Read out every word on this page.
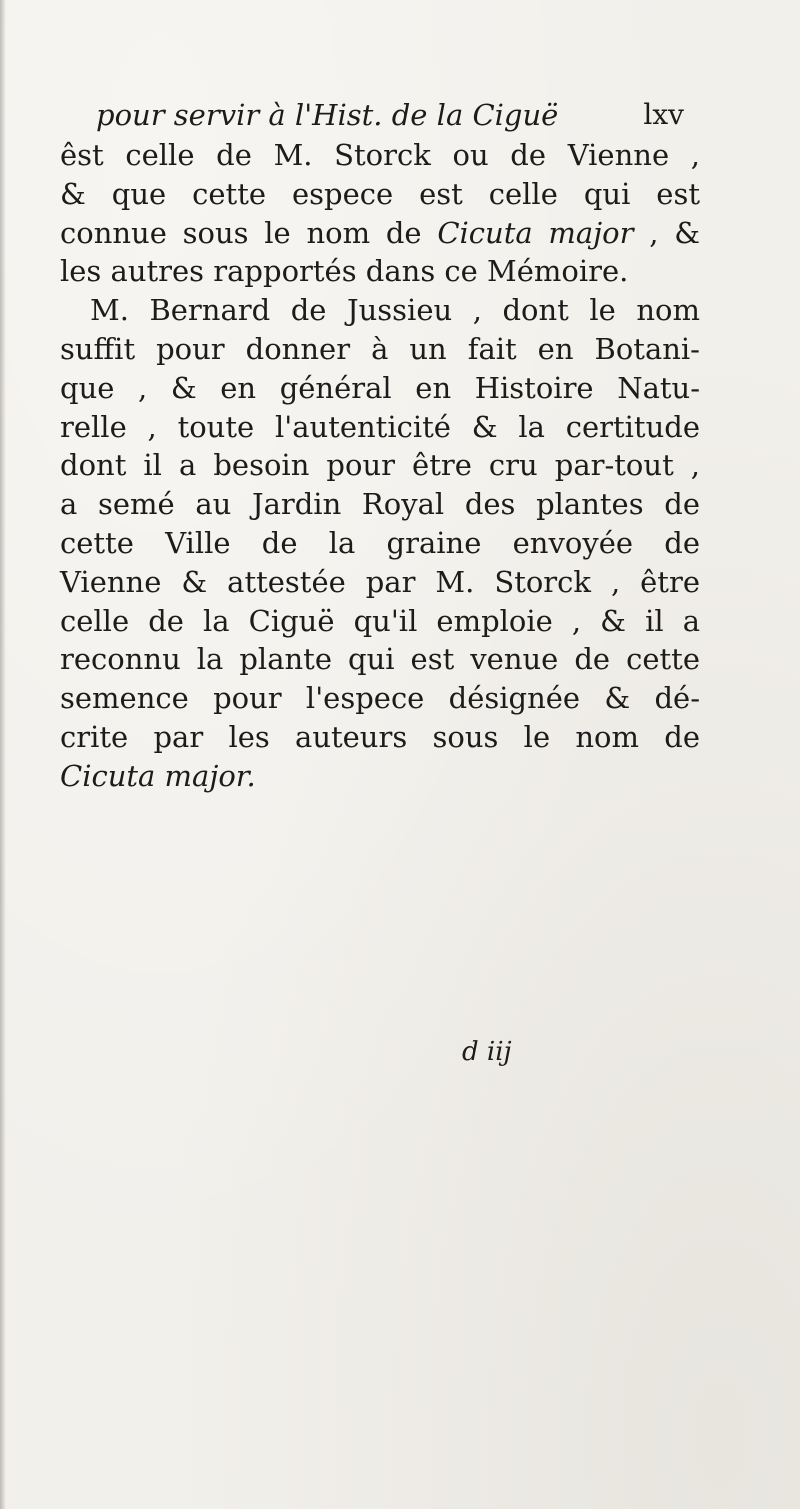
pour servir à l'Hist. de la Ciguë	lxv
êst celle de M. Storck ou de Vienne ,
& que cette espece est celle qui est
connue sous le nom de Cicuta major , &
les autres rapportés dans ce Mémoire.
M. Bernard de Jussieu , dont le nom
suffit pour donner à un fait en Botani-
que , & en général en Histoire Natu-
relle , toute l'autenticité & la certitude
dont il a besoin pour être cru par-tout ,
a semé au Jardin Royal des plantes de
cette Ville de la graine envoyée de
Vienne & attestée par M. Storck , être
celle de la Ciguë qu'il emploie , & il a
reconnu la plante qui est venue de cette
semence pour l'espece désignée & dé-
crite par les auteurs sous le nom de
Cicuta major.
d iij
